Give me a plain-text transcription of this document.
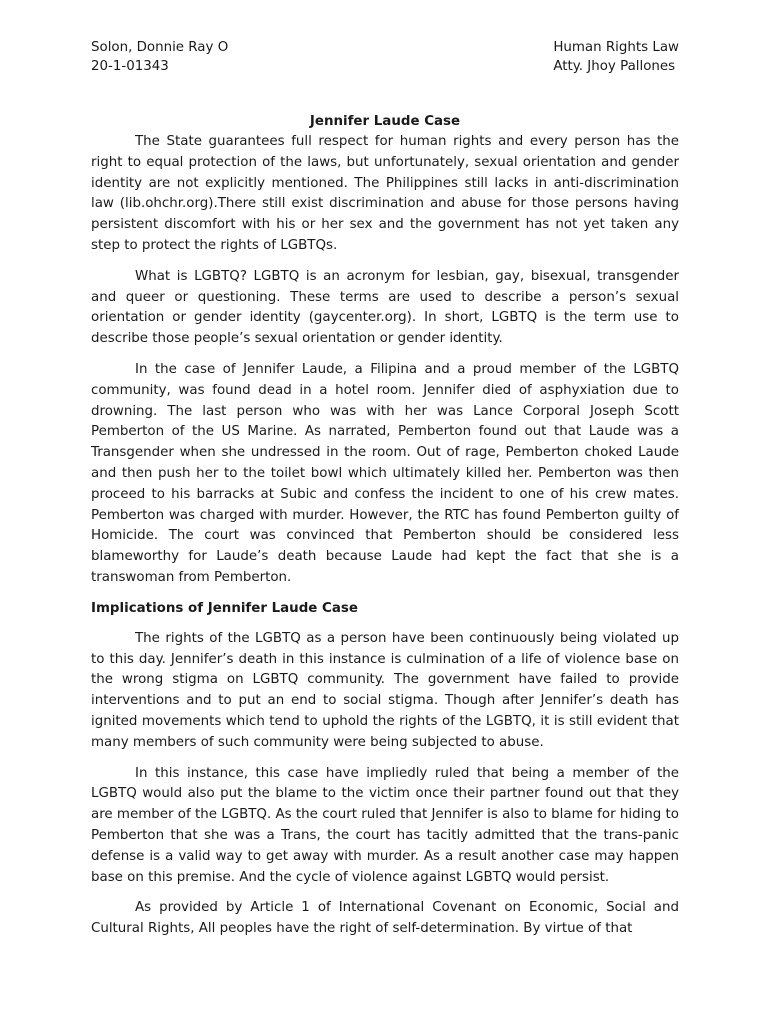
Solon, Donnie Ray O
20-1-01343
Human Rights Law
Atty. Jhoy Pallones
Jennifer Laude Case

The State guarantees full respect for human rights and every person has the right to equal protection of the laws, but unfortunately, sexual orientation and gender identity are not explicitly mentioned. The Philippines still lacks in anti-discrimination law (lib.ohchr.org).There still exist discrimination and abuse for those persons having persistent discomfort with his or her sex and the government has not yet taken any step to protect the rights of LGBTQs.

What is LGBTQ? LGBTQ is an acronym for lesbian, gay, bisexual, transgender and queer or questioning. These terms are used to describe a person’s sexual orientation or gender identity (gaycenter.org). In short, LGBTQ is the term use to describe those people’s sexual orientation or gender identity.

In the case of Jennifer Laude, a Filipina and a proud member of the LGBTQ community, was found dead in a hotel room. Jennifer died of asphyxiation due to drowning. The last person who was with her was Lance Corporal Joseph Scott Pemberton of the US Marine. As narrated, Pemberton found out that Laude was a Transgender when she undressed in the room. Out of rage, Pemberton choked Laude and then push her to the toilet bowl which ultimately killed her. Pemberton was then proceed to his barracks at Subic and confess the incident to one of his crew mates. Pemberton was charged with murder. However, the RTC has found Pemberton guilty of Homicide. The court was convinced that Pemberton should be considered less blameworthy for Laude’s death because Laude had kept the fact that she is a transwoman from Pemberton.

Implications of Jennifer Laude Case

The rights of the LGBTQ as a person have been continuously being violated up to this day. Jennifer’s death in this instance is culmination of a life of violence base on the wrong stigma on LGBTQ community. The government have failed to provide interventions and to put an end to social stigma. Though after Jennifer’s death has ignited movements which tend to uphold the rights of the LGBTQ, it is still evident that many members of such community were being subjected to abuse.

In this instance, this case have impliedly ruled that being a member of the LGBTQ would also put the blame to the victim once their partner found out that they are member of the LGBTQ. As the court ruled that Jennifer is also to blame for hiding to Pemberton that she was a Trans, the court has tacitly admitted that the trans-panic defense is a valid way to get away with murder. As a result another case may happen base on this premise. And the cycle of violence against LGBTQ would persist.

As provided by Article 1 of International Covenant on Economic, Social and Cultural Rights, All peoples have the right of self-determination. By virtue of that
